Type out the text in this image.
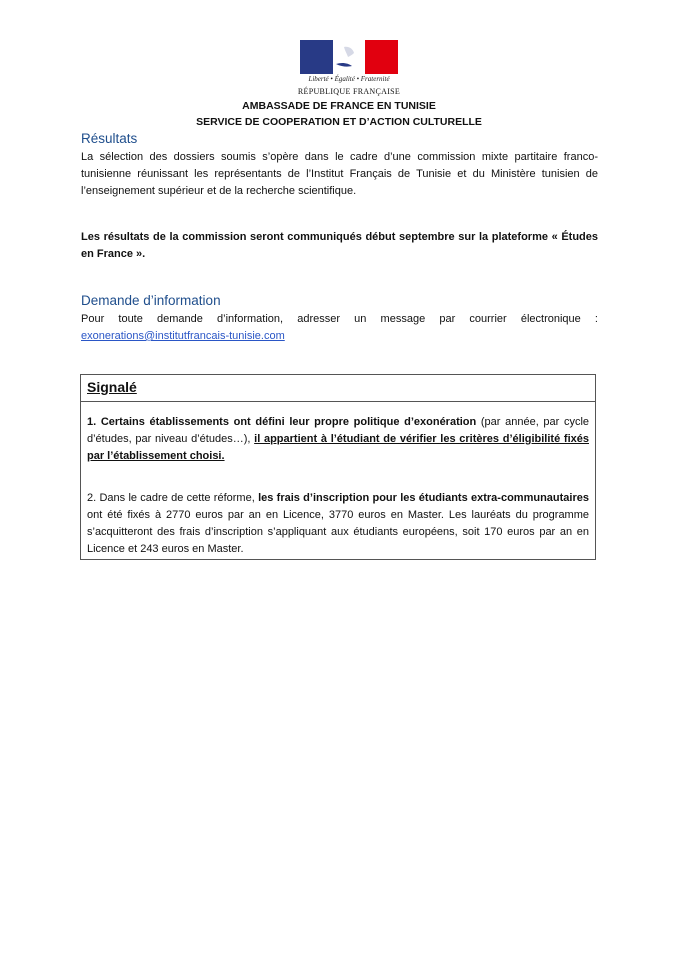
Liberté • Égalité • Fraternité
RÉPUBLIQUE FRANÇAISE
AMBASSADE DE FRANCE EN TUNISIE
SERVICE DE COOPERATION ET D’ACTION CULTURELLE
Résultats
La sélection des dossiers soumis s’opère dans le cadre d’une commission mixte partitaire franco-tunisienne réunissant les représentants de l’Institut Français de Tunisie et du Ministère tunisien de l’enseignement supérieur et de la recherche scientifique.
Les résultats de la commission seront communiqués début septembre sur la plateforme « Études en France ».
Demande d’information
Pour toute demande d’information, adresser un message par courrier électronique :
exonerations@institutfrancais-tunisie.com
Signalé
1. Certains établissements ont défini leur propre politique d’exonération (par année, par cycle d’études, par niveau d’études…), il appartient à l’étudiant de vérifier les critères d’éligibilité fixés par l’établissement choisi.
2. Dans le cadre de cette réforme, les frais d’inscription pour les étudiants extra-communautaires ont été fixés à 2770 euros par an en Licence, 3770 euros en Master. Les lauréats du programme s’acquitteront des frais d’inscription s’appliquant aux étudiants européens, soit 170 euros par an en Licence et 243 euros en Master.
